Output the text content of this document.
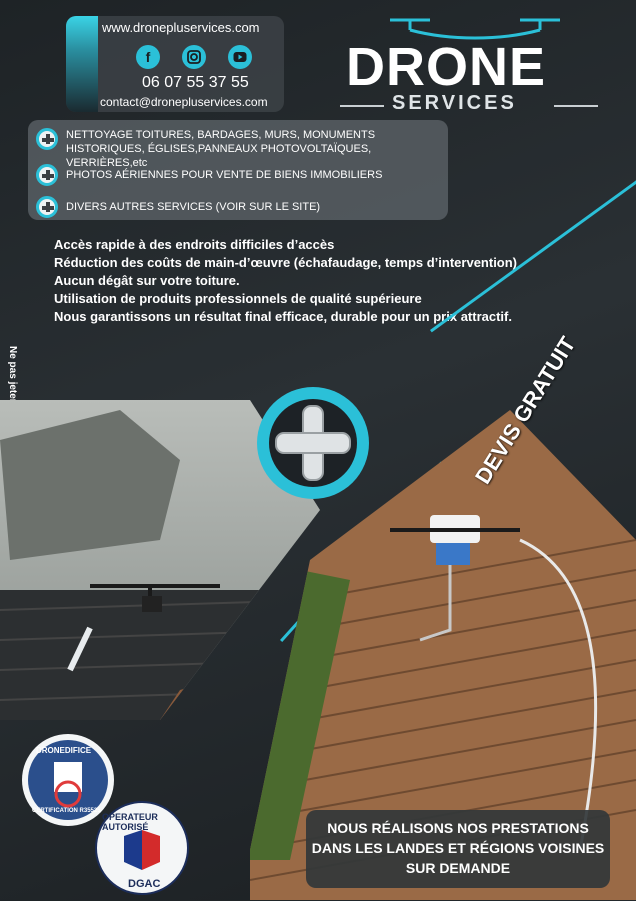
www.dronepluservices.com
f
06 07 55 37 55
contact@dronepluservices.com
DRONE
SERVICES
NETTOYAGE TOITURES, BARDAGES, MURS, MONUMENTS HISTORIQUES, ÉGLISES,PANNEAUX PHOTOVOLTAÏQUES, VERRIÈRES,etc
PHOTOS AÉRIENNES POUR VENTE DE BIENS IMMOBILIERS
DIVERS AUTRES SERVICES (VOIR SUR LE SITE)
Accès rapide à des endroits difficiles d’accès
Réduction des coûts de main-d’œuvre (échafaudage, temps d’intervention)
Aucun dégât sur votre toiture.
Utilisation de produits professionnels de qualité supérieure
Nous garantissons un résultat final efficace, durable pour un prix attractif.
DEVIS GRATUIT
DRONEDIFICE
CERTIFICATION R35525
OPERATEUR AUTORISÉ
DGAC
NOUS RÉALISONS NOS PRESTATIONS
DANS LES LANDES ET RÉGIONS VOISINES
SUR DEMANDE
